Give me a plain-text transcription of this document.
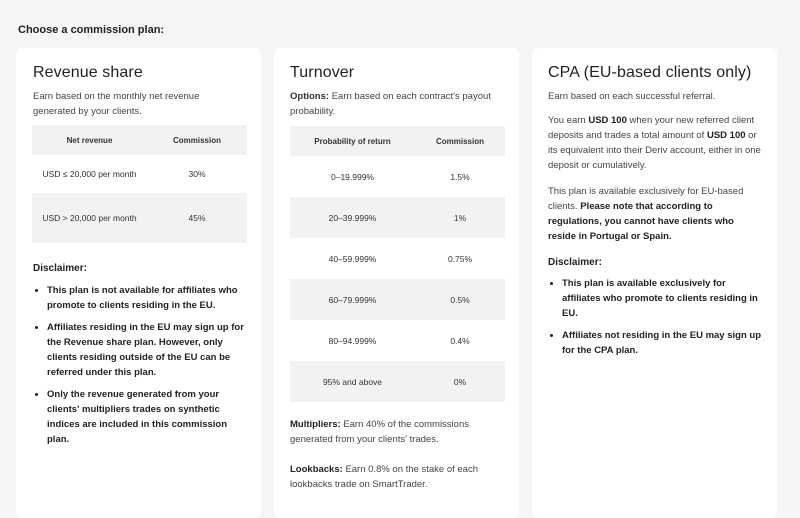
Choose a commission plan:
Revenue share
Earn based on the monthly net revenue generated by your clients.
Net revenue	Commission
USD ≤ 20,000 per month	30%
USD > 20,000 per month	45%
Disclaimer:
• This plan is not available for affiliates who promote to clients residing in the EU.
• Affiliates residing in the EU may sign up for the Revenue share plan. However, only clients residing outside of the EU can be referred under this plan.
• Only the revenue generated from your clients' multipliers trades on synthetic indices are included in this commission plan.
Turnover
Options: Earn based on each contract's payout probability.
Probability of return	Commission
0–19.999%	1.5%
20–39.999%	1%
40–59.999%	0.75%
60–79.999%	0.5%
80–94.999%	0.4%
95% and above	0%
Multipliers: Earn 40% of the commissions generated from your clients' trades.
Lookbacks: Earn 0.8% on the stake of each lookbacks trade on SmartTrader.
CPA (EU-based clients only)
Earn based on each successful referral.
You earn USD 100 when your new referred client deposits and trades a total amount of USD 100 or its equivalent into their Deriv account, either in one deposit or cumulatively.
This plan is available exclusively for EU-based clients. Please note that according to regulations, you cannot have clients who reside in Portugal or Spain.
Disclaimer:
• This plan is available exclusively for affiliates who promote to clients residing in EU.
• Affiliates not residing in the EU may sign up for the CPA plan.
